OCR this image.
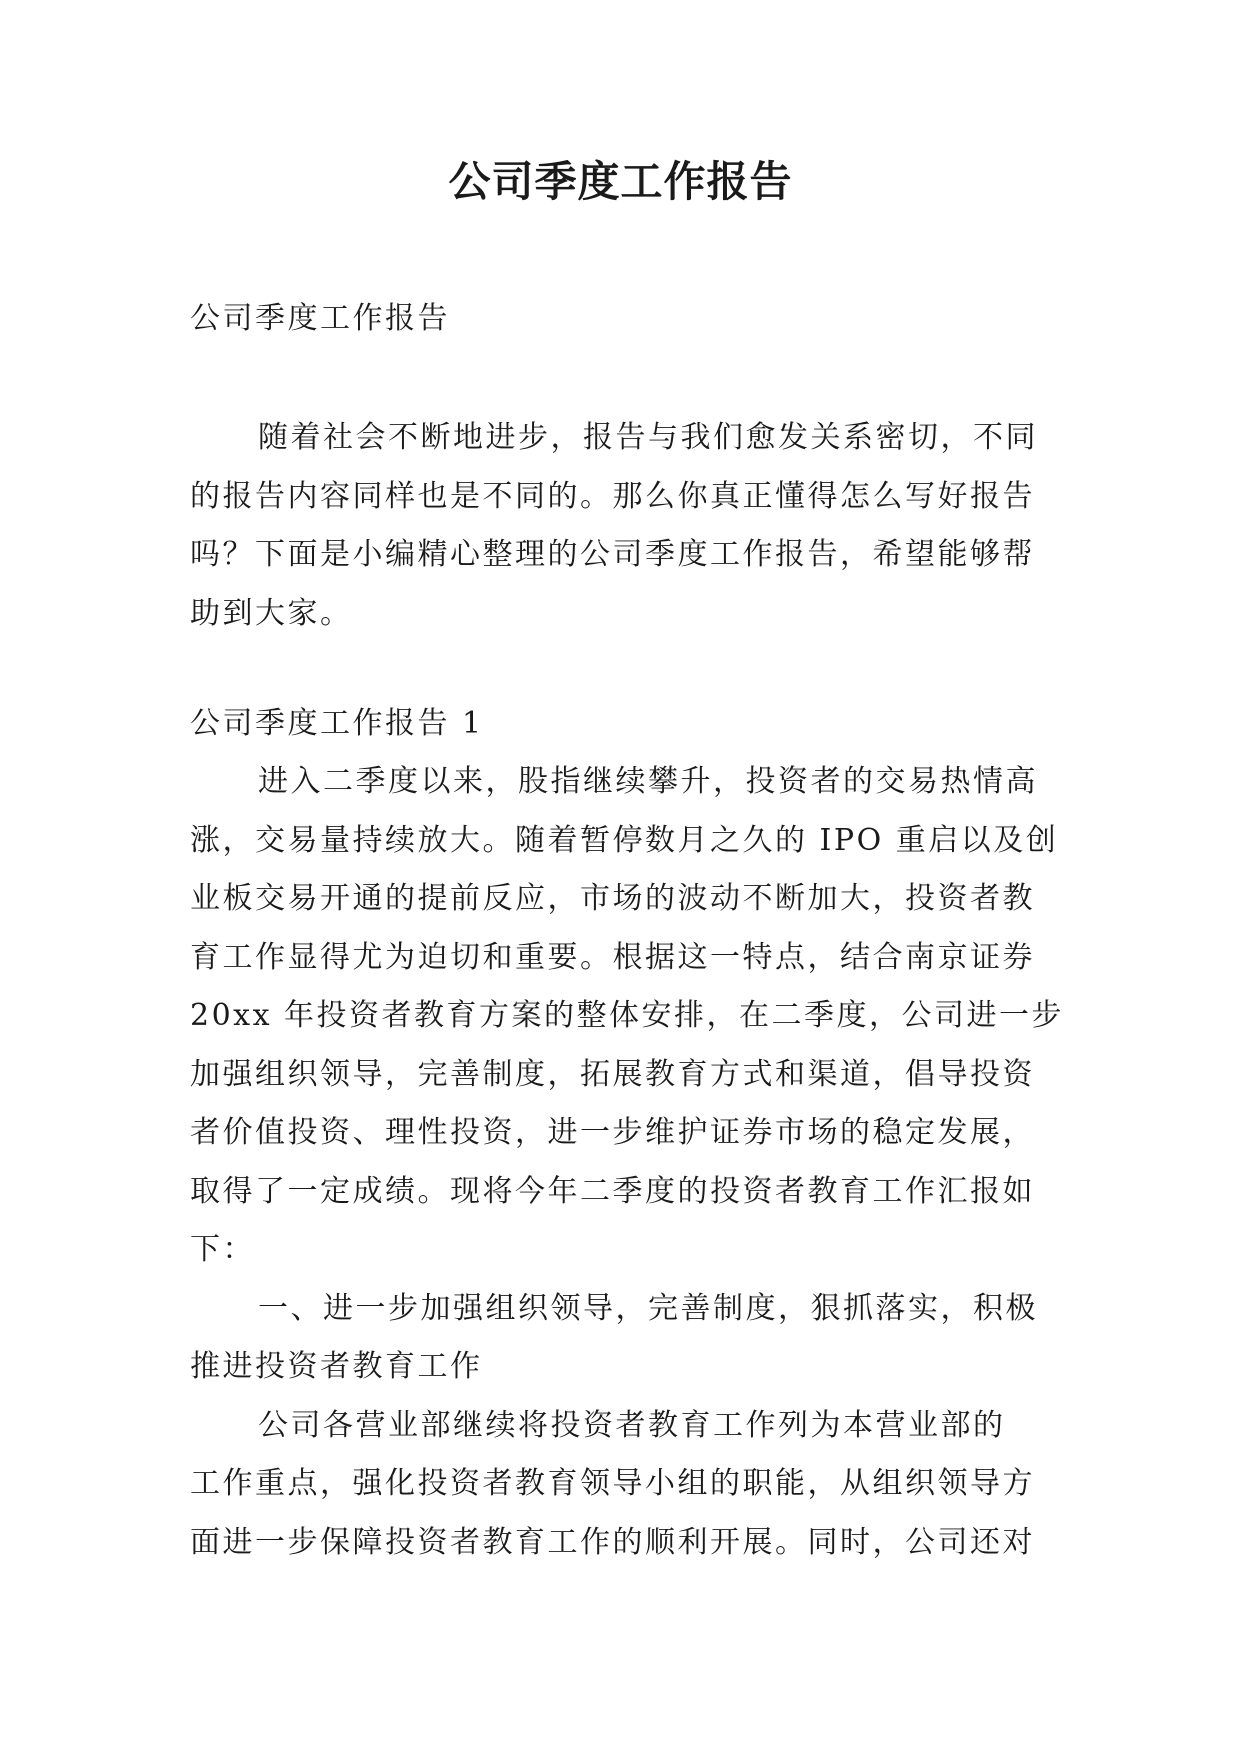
公司季度工作报告

公司季度工作报告

随着社会不断地进步，报告与我们愈发关系密切，不同
的报告内容同样也是不同的。那么你真正懂得怎么写好报告
吗？下面是小编精心整理的公司季度工作报告，希望能够帮
助到大家。

公司季度工作报告 1

进入二季度以来，股指继续攀升，投资者的交易热情高
涨，交易量持续放大。随着暂停数月之久的 IPO 重启以及创
业板交易开通的提前反应，市场的波动不断加大，投资者教
育工作显得尤为迫切和重要。根据这一特点，结合南京证券
20xx 年投资者教育方案的整体安排，在二季度，公司进一步
加强组织领导，完善制度，拓展教育方式和渠道，倡导投资
者价值投资、理性投资，进一步维护证券市场的稳定发展，
取得了一定成绩。现将今年二季度的投资者教育工作汇报如
下：

一、进一步加强组织领导，完善制度，狠抓落实，积极
推进投资者教育工作

公司各营业部继续将投资者教育工作列为本营业部的
工作重点，强化投资者教育领导小组的职能，从组织领导方
面进一步保障投资者教育工作的顺利开展。同时，公司还对
